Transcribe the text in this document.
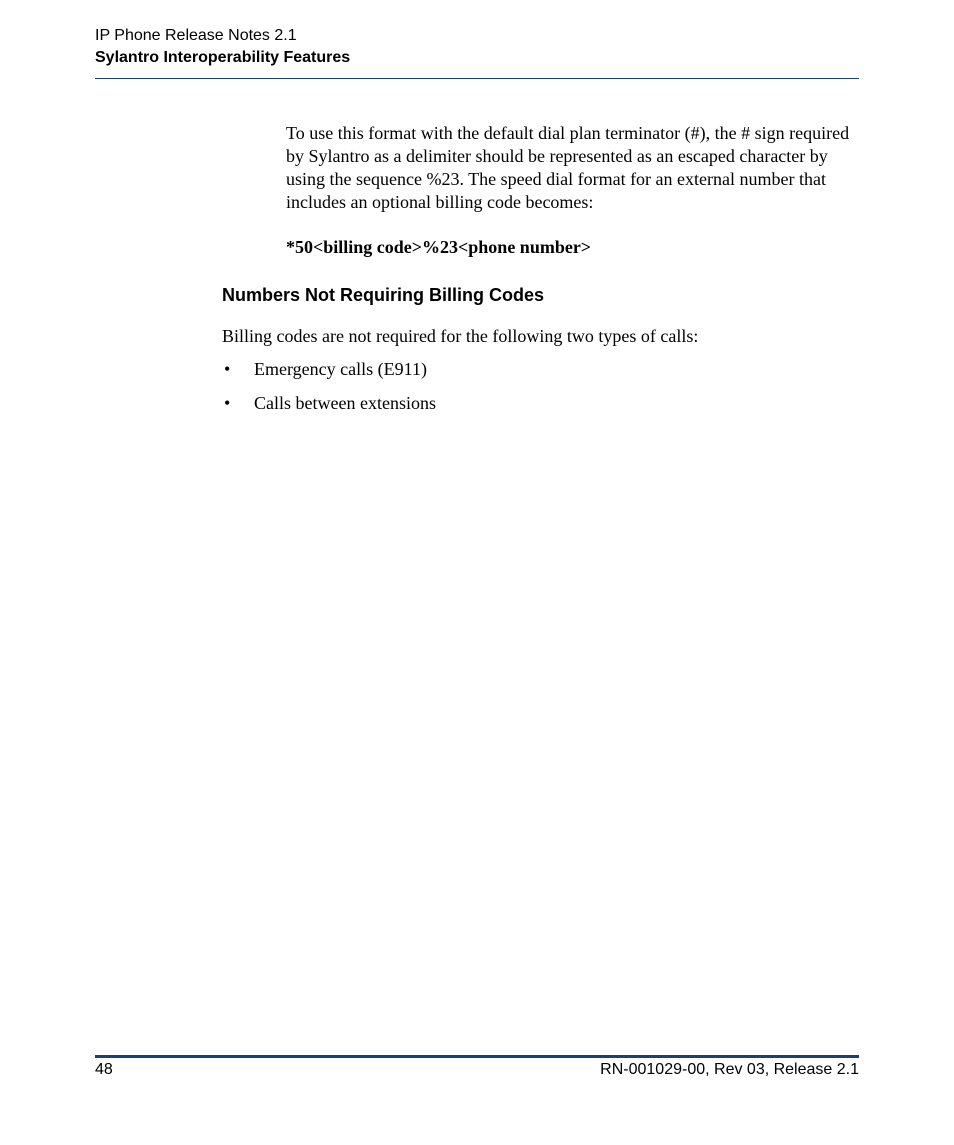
IP Phone Release Notes 2.1
Sylantro Interoperability Features

To use this format with the default dial plan terminator (#), the # sign required by Sylantro as a delimiter should be represented as an escaped character by using the sequence %23. The speed dial format for an external number that includes an optional billing code becomes:

*50<billing code>%23<phone number>

Numbers Not Requiring Billing Codes

Billing codes are not required for the following two types of calls:

• Emergency calls (E911)
• Calls between extensions
48	RN-001029-00, Rev 03, Release 2.1
